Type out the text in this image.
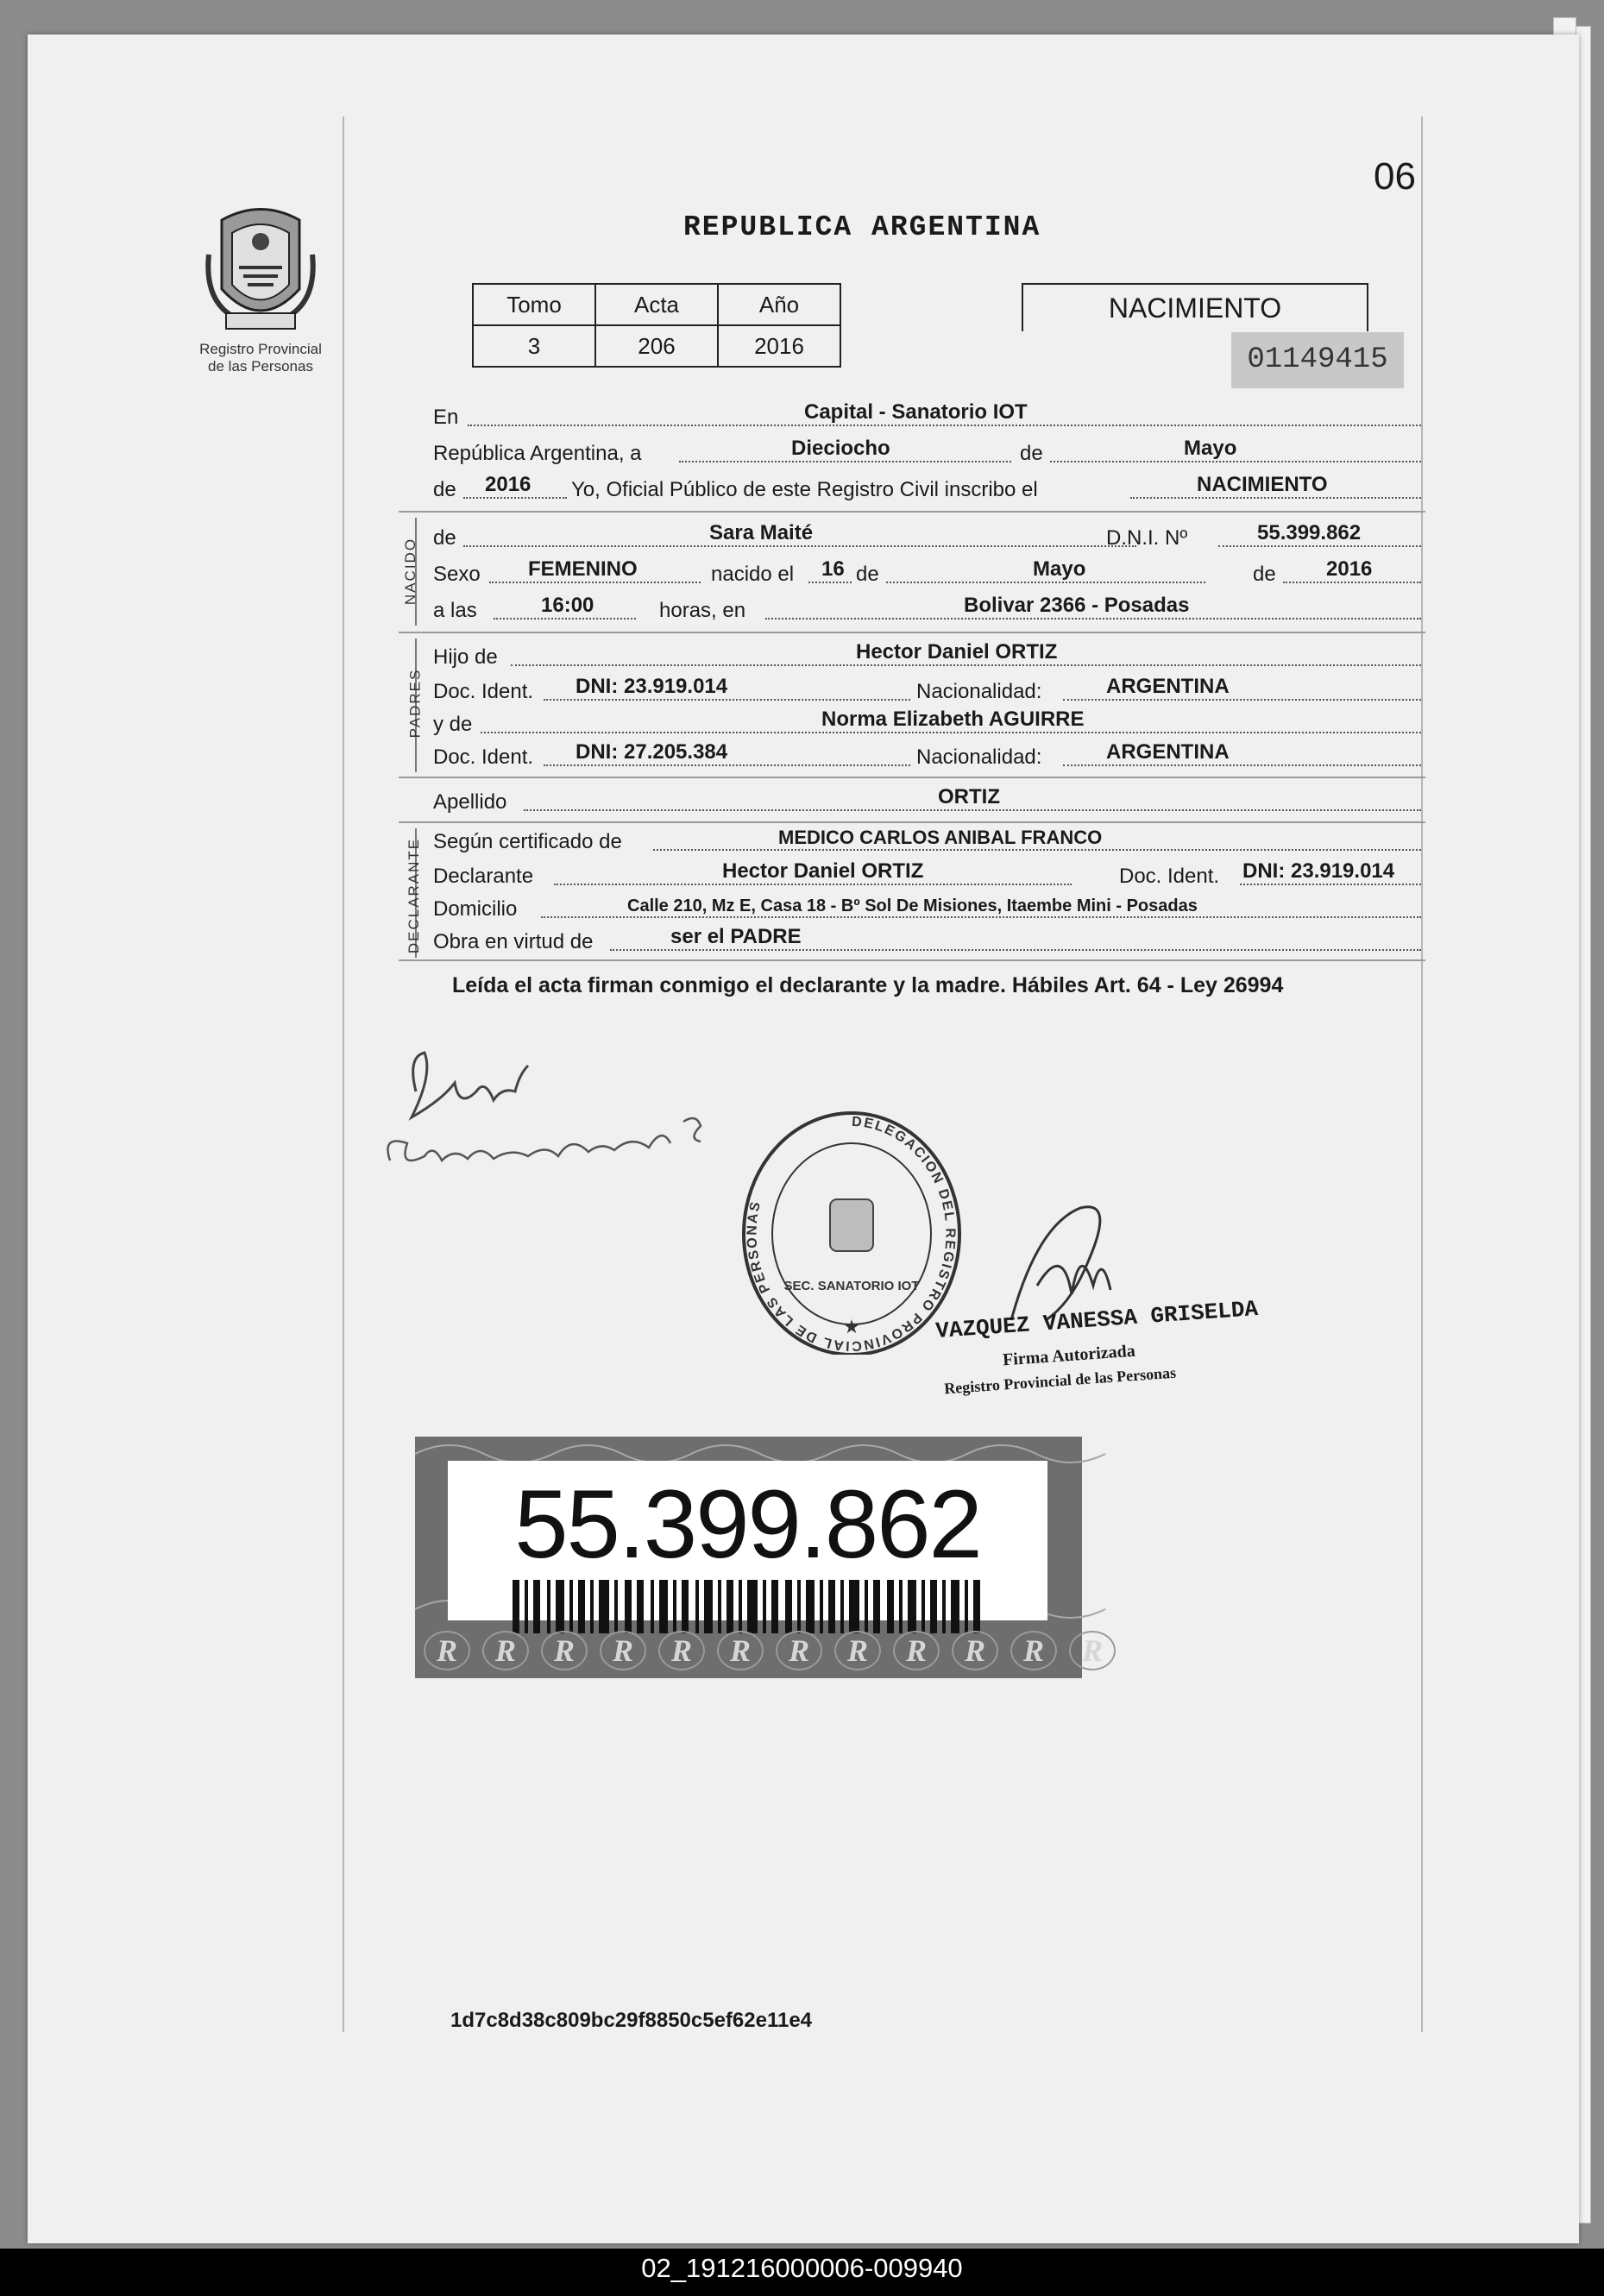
Registro Provincial
de las Personas
06
REPUBLICA ARGENTINA
Tomo	Acta	Año
3	206	2016
NACIMIENTO
01149415
En	Capital - Sanatorio IOT
República Argentina, a	Dieciocho	de	Mayo
de 2016 Yo, Oficial Público de este Registro Civil inscribo el	NACIMIENTO
NACIDO de	Sara Maité	D.N.I. Nº	55.399.862
Sexo FEMENINO	nacido el 16 de	Mayo	de 2016
a las	16:00	horas, en	Bolivar 2366 - Posadas
PADRES
Hijo de	Hector Daniel ORTIZ
Doc. Ident. DNI: 23.919.014	Nacionalidad:	ARGENTINA
y de	Norma Elizabeth AGUIRRE
Doc. Ident. DNI: 27.205.384	Nacionalidad:	ARGENTINA
Apellido	ORTIZ
DECLARANTE Según certificado de	MEDICO CARLOS ANIBAL FRANCO
Declarante	Hector Daniel ORTIZ	Doc. Ident. DNI: 23.919.014
Domicilio	Calle 210, Mz E, Casa 18 - Bº Sol De Misiones, Itaembe Mini - Posadas
Obra en virtud de	ser el PADRE
Leída el acta firman conmigo el declarante y la madre. Hábiles Art. 64 - Ley 26994
DELEGACION DEL REGISTRO PROVINCIAL DE LAS PERSONAS
SEC. SANATORIO IOT
★	VAZQUEZ VANESSA GRISELDA
Firma Autorizada
Registro Provincial de las Personas
55.399.862
R	R	R	R	R	R	R	R	R	R	R	R
1d7c8d38c809bc29f8850c5ef62e11e4
02_191216000006-009940
